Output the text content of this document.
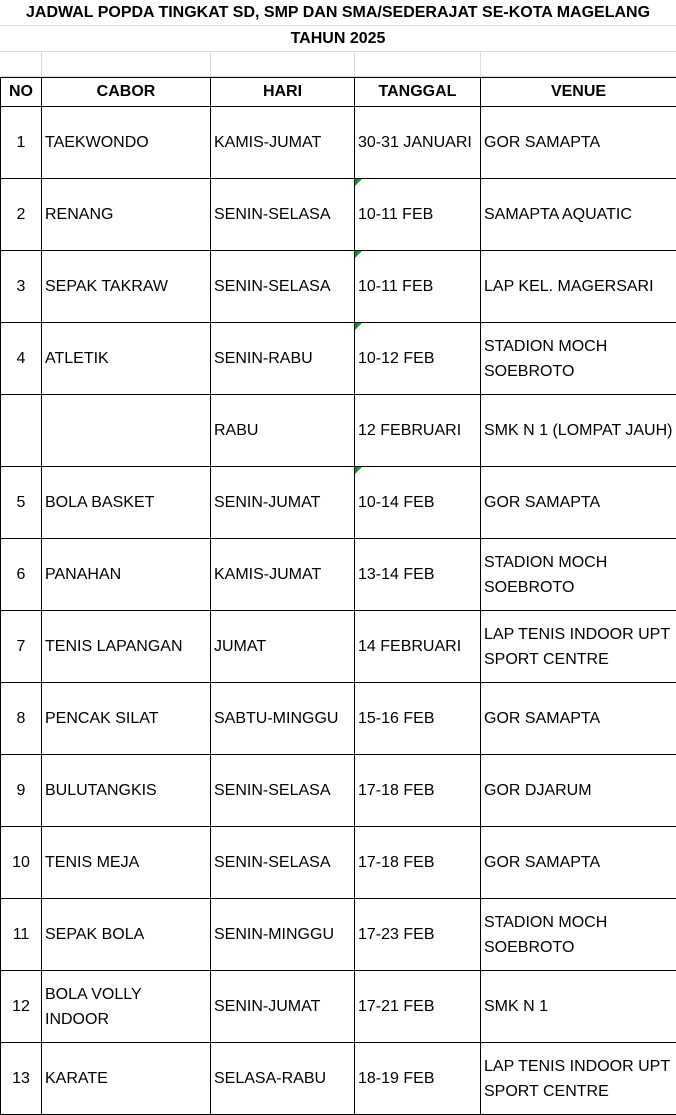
JADWAL POPDA TINGKAT SD, SMP DAN SMA/SEDERAJAT SE-KOTA MAGELANG
TAHUN 2025
NO	CABOR	HARI	TANGGAL	VENUE
1	TAEKWONDO	KAMIS-JUMAT	30-31 JANUARI	GOR SAMAPTA
2	RENANG	SENIN-SELASA	10-11 FEB	SAMAPTA AQUATIC
3	SEPAK TAKRAW	SENIN-SELASA	10-11 FEB	LAP KEL. MAGERSARI
4	ATLETIK	SENIN-RABU	10-12 FEB	STADION MOCH SOEBROTO
		RABU	12 FEBRUARI	SMK N 1 (LOMPAT JAUH)
5	BOLA BASKET	SENIN-JUMAT	10-14 FEB	GOR SAMAPTA
6	PANAHAN	KAMIS-JUMAT	13-14 FEB	STADION MOCH SOEBROTO
7	TENIS LAPANGAN	JUMAT	14 FEBRUARI	LAP TENIS INDOOR UPT SPORT CENTRE
8	PENCAK SILAT	SABTU-MINGGU	15-16 FEB	GOR SAMAPTA
9	BULUTANGKIS	SENIN-SELASA	17-18 FEB	GOR DJARUM
10	TENIS MEJA	SENIN-SELASA	17-18 FEB	GOR SAMAPTA
11	SEPAK BOLA	SENIN-MINGGU	17-23 FEB	STADION MOCH SOEBROTO
12	BOLA VOLLY INDOOR	SENIN-JUMAT	17-21 FEB	SMK N 1
13	KARATE	SELASA-RABU	18-19 FEB	LAP TENIS INDOOR UPT SPORT CENTRE
